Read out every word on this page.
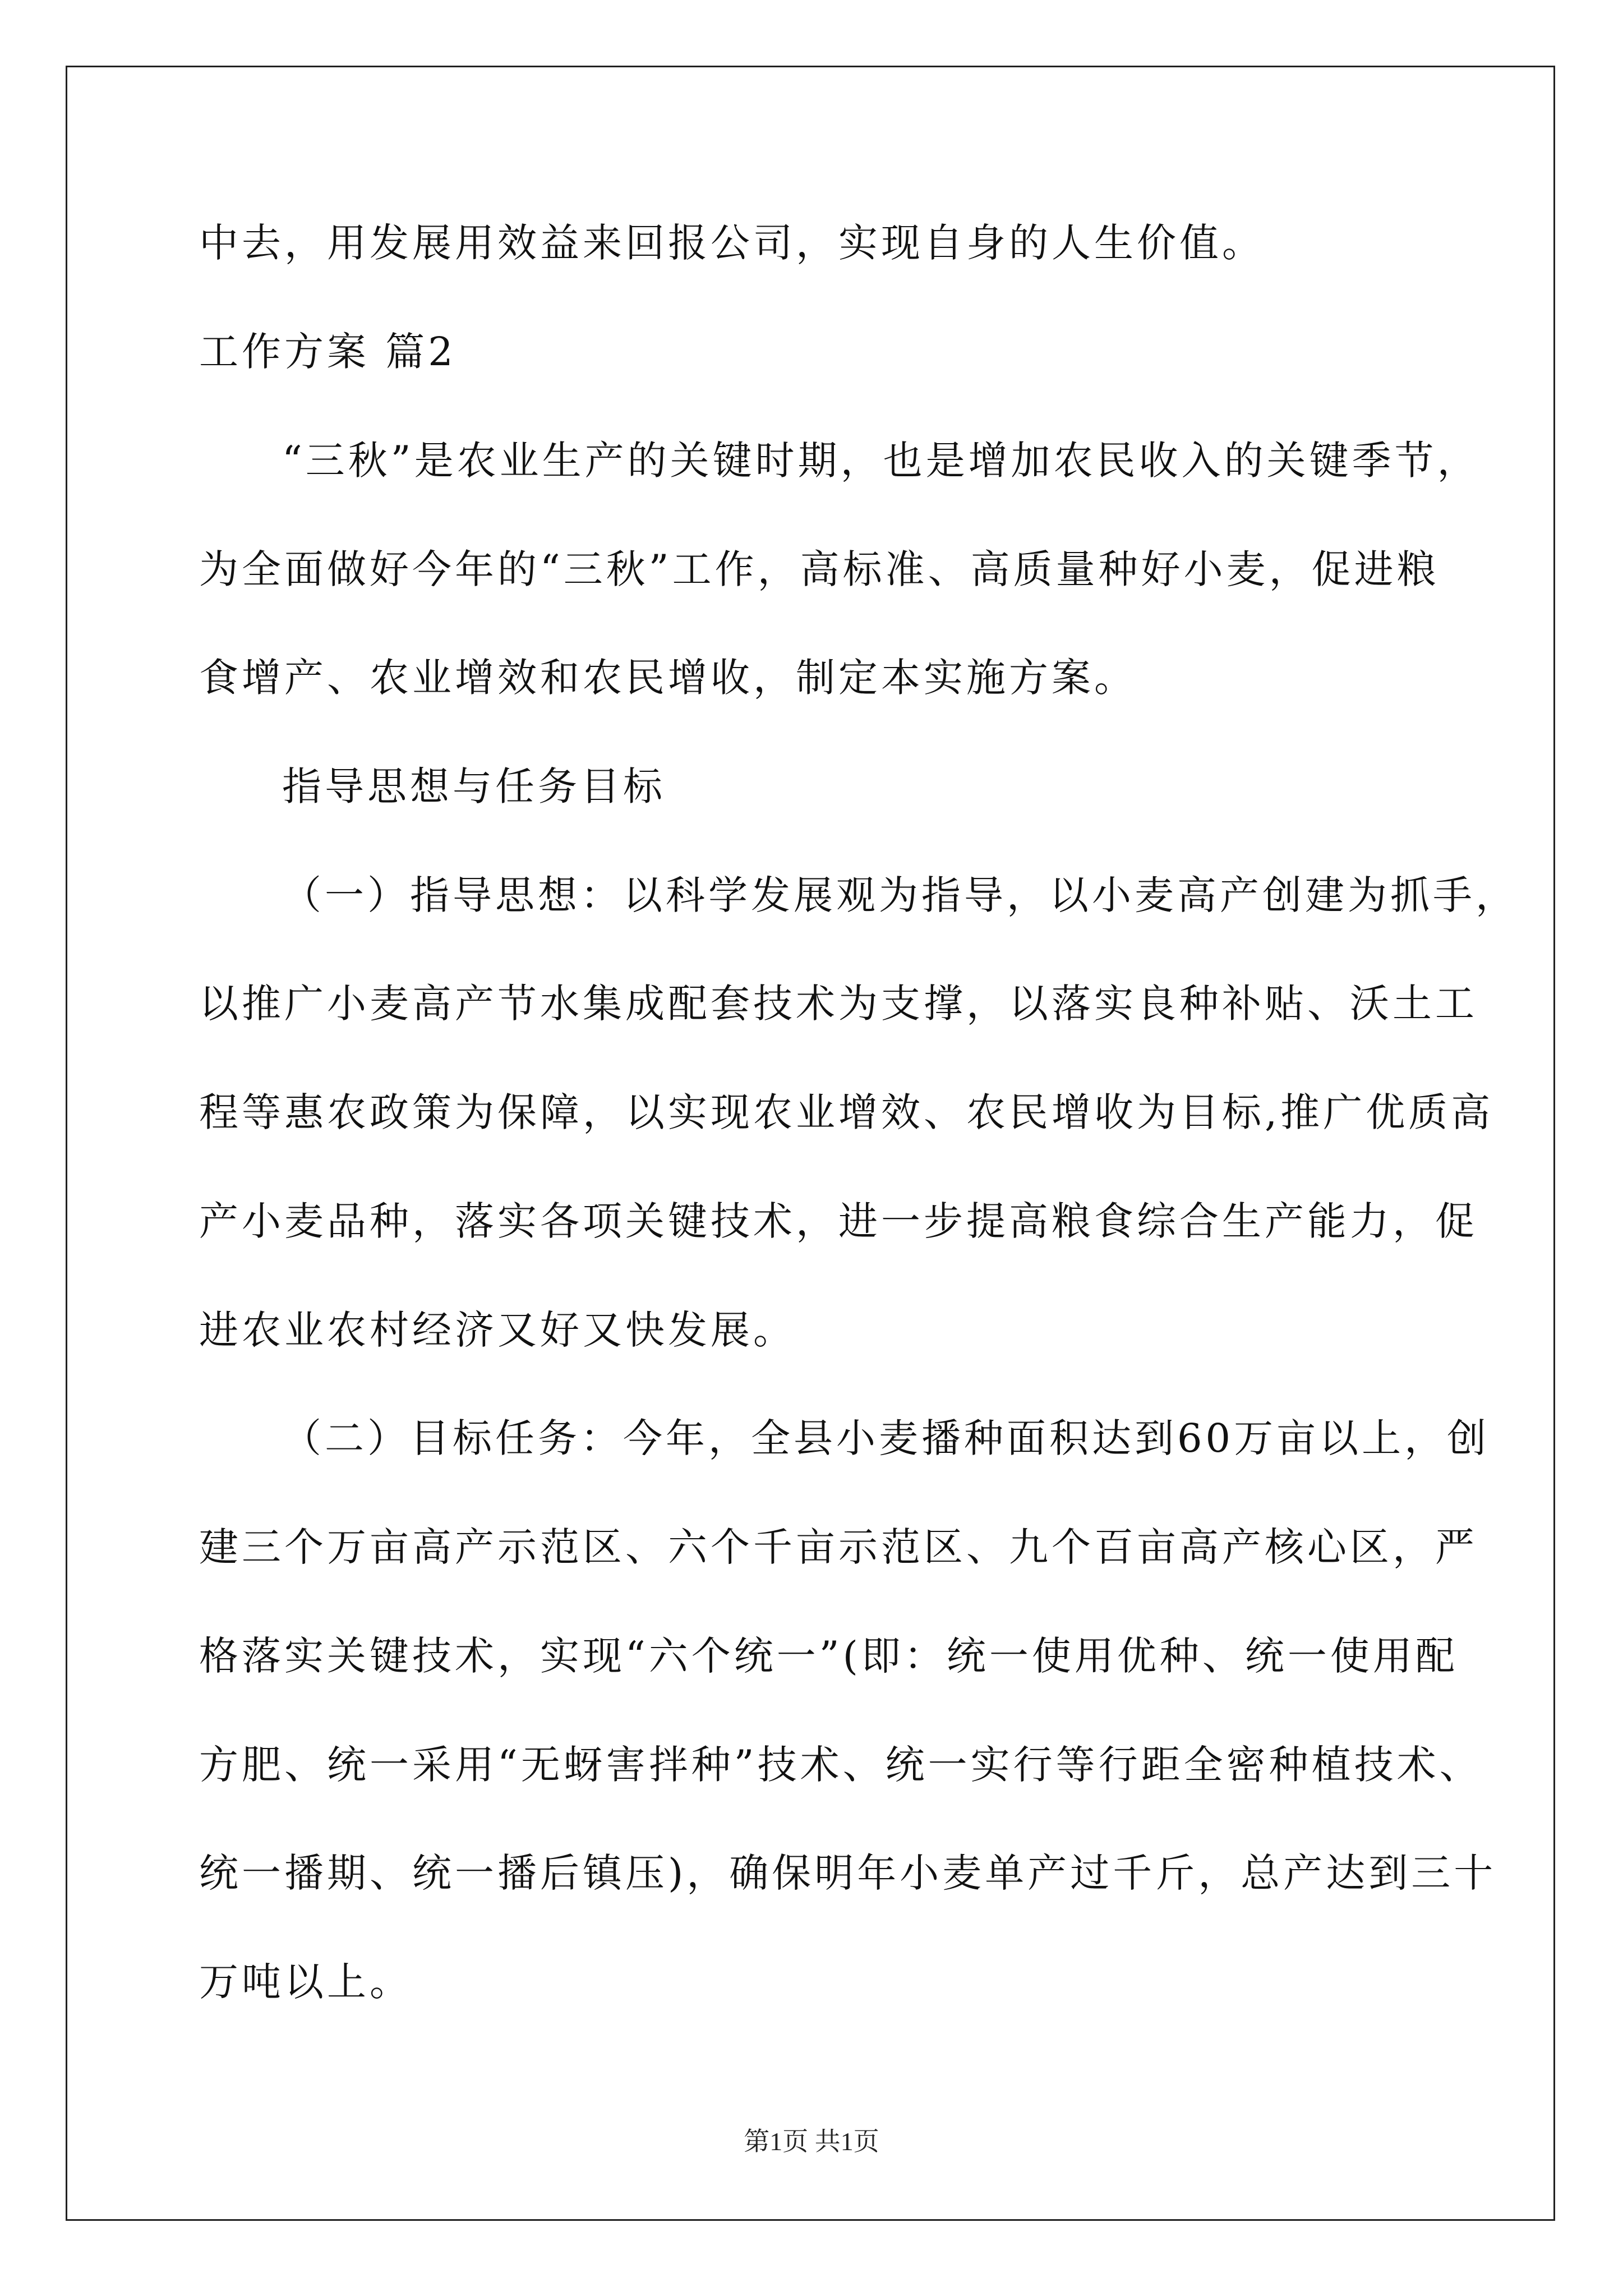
中去，用发展用效益来回报公司，实现自身的人生价值。
工作方案 篇2
“三秋”是农业生产的关键时期，也是增加农民收入的关键季节，
为全面做好今年的“三秋”工作，高标准、高质量种好小麦，促进粮
食增产、农业增效和农民增收，制定本实施方案。
指导思想与任务目标
（一）指导思想：以科学发展观为指导，以小麦高产创建为抓手，
以推广小麦高产节水集成配套技术为支撑，以落实良种补贴、沃土工
程等惠农政策为保障，以实现农业增效、农民增收为目标,推广优质高
产小麦品种，落实各项关键技术，进一步提高粮食综合生产能力，促
进农业农村经济又好又快发展。
（二）目标任务：今年，全县小麦播种面积达到60万亩以上，创
建三个万亩高产示范区、六个千亩示范区、九个百亩高产核心区，严
格落实关键技术，实现“六个统一”(即：统一使用优种、统一使用配
方肥、统一采用“无蚜害拌种”技术、统一实行等行距全密种植技术、
统一播期、统一播后镇压)，确保明年小麦单产过千斤，总产达到三十
万吨以上。
第1页 共1页
